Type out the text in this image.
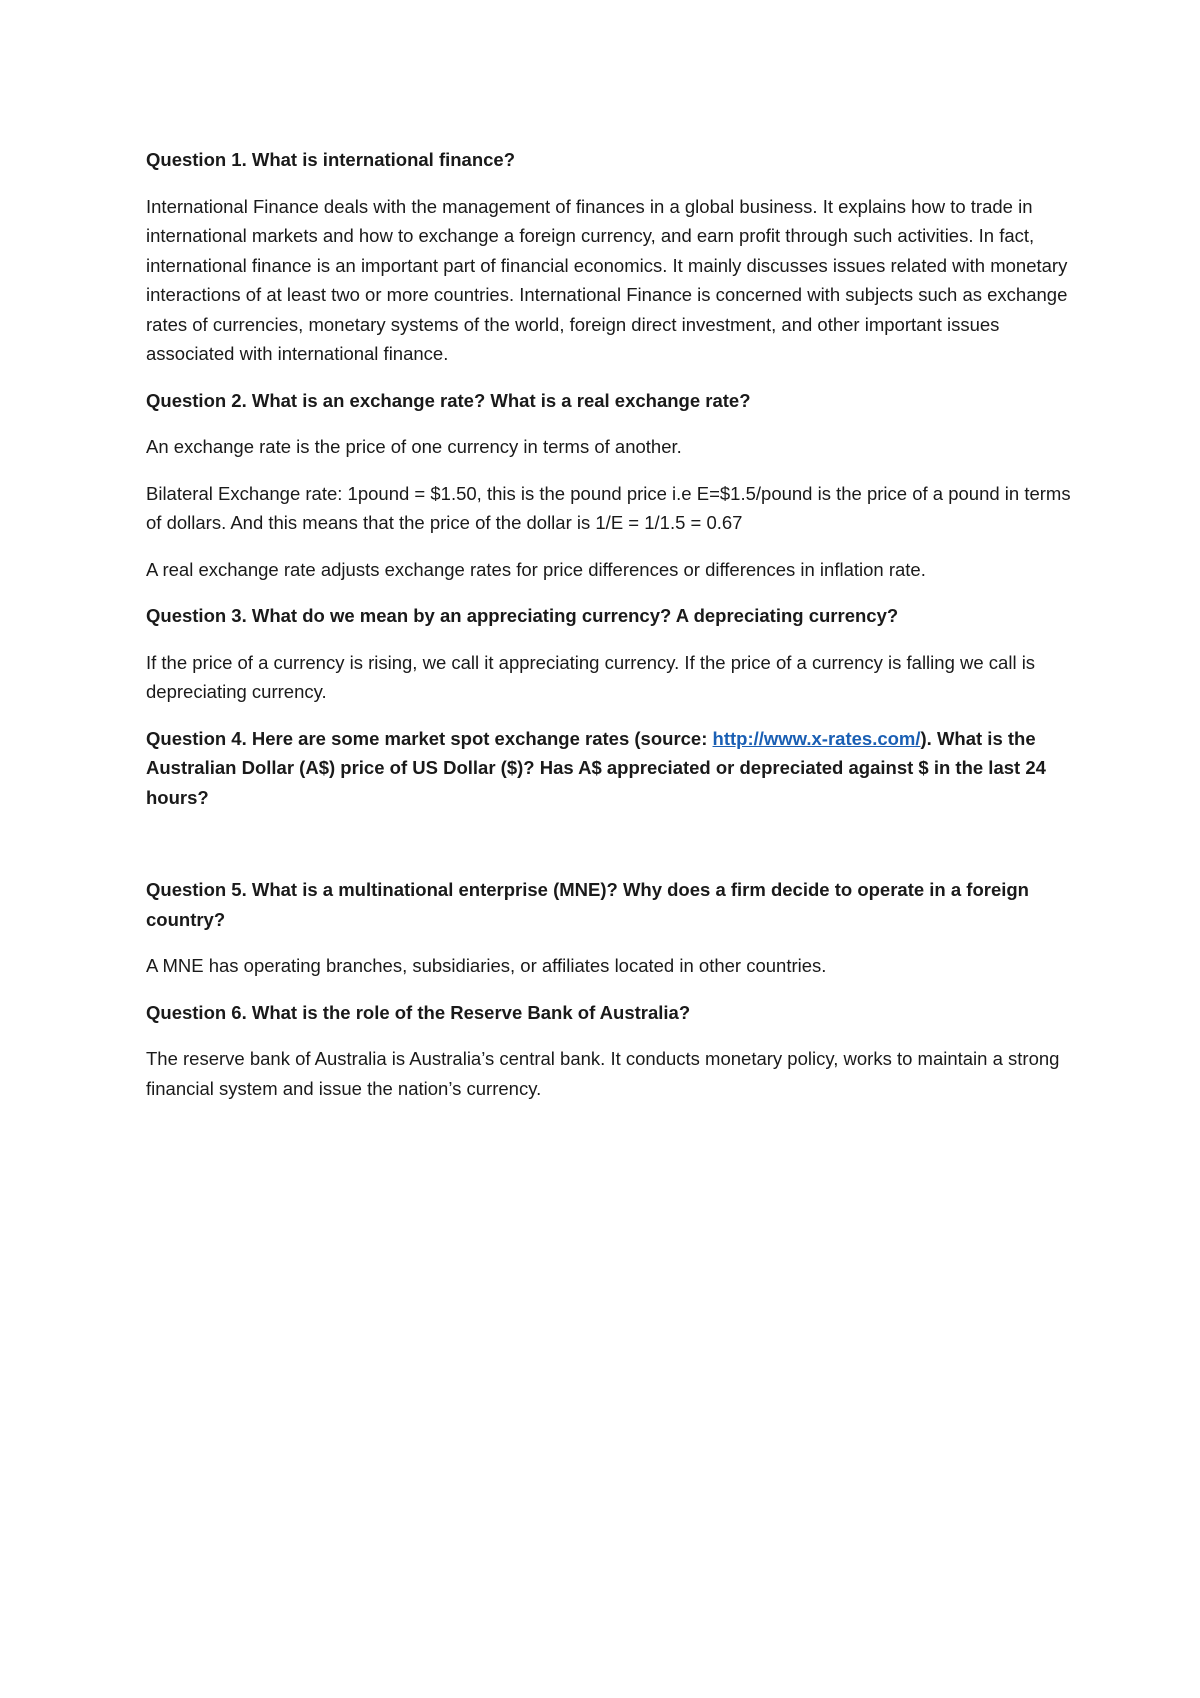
Question 1. What is international finance?

International Finance deals with the management of finances in a global business. It explains how to trade in international markets and how to exchange a foreign currency, and earn profit through such activities. In fact, international finance is an important part of financial economics. It mainly discusses issues related with monetary interactions of at least two or more countries. International Finance is concerned with subjects such as exchange rates of currencies, monetary systems of the world, foreign direct investment, and other important issues associated with international finance.

Question 2. What is an exchange rate? What is a real exchange rate?

An exchange rate is the price of one currency in terms of another.

Bilateral Exchange rate: 1pound = $1.50, this is the pound price i.e E=$1.5/pound is the price of a pound in terms of dollars. And this means that the price of the dollar is 1/E = 1/1.5 = 0.67

A real exchange rate adjusts exchange rates for price differences or differences in inflation rate.

Question 3. What do we mean by an appreciating currency? A depreciating currency?

If the price of a currency is rising, we call it appreciating currency. If the price of a currency is falling we call is depreciating currency.

Question 4. Here are some market spot exchange rates (source: http://www.x-rates.com/). What is the Australian Dollar (A$) price of US Dollar ($)? Has A$ appreciated or depreciated against $ in the last 24 hours?

Question 5. What is a multinational enterprise (MNE)? Why does a firm decide to operate in a foreign country?

A MNE has operating branches, subsidiaries, or affiliates located in other countries.

Question 6. What is the role of the Reserve Bank of Australia?

The reserve bank of Australia is Australia’s central bank. It conducts monetary policy, works to maintain a strong financial system and issue the nation’s currency.
